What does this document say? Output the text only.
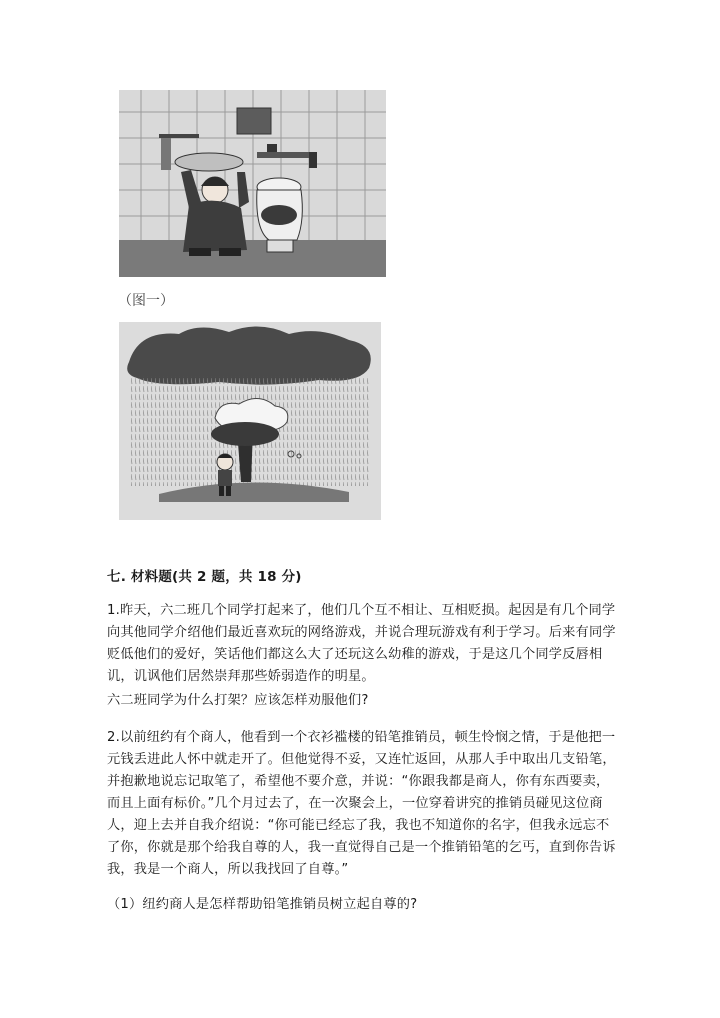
（图一）
七. 材料题(共 2 题，共 18 分)
1.昨天，六二班几个同学打起来了，他们几个互不相让、互相贬损。起因是有几个同学向其他同学介绍他们最近喜欢玩的网络游戏，并说合理玩游戏有利于学习。后来有同学贬低他们的爱好，笑话他们都这么大了还玩这么幼稚的游戏，于是这几个同学反唇相讥，讥讽他们居然崇拜那些娇弱造作的明星。
六二班同学为什么打架？应该怎样劝服他们?
2.以前纽约有个商人，他看到一个衣衫褴楼的铅笔推销员，顿生怜悯之情，于是他把一元钱丢进此人怀中就走开了。但他觉得不妥，又连忙返回，从那人手中取出几支铅笔，并抱歉地说忘记取笔了，希望他不要介意，并说：“你跟我都是商人，你有东西要卖，而且上面有标价。”几个月过去了，在一次聚会上，一位穿着讲究的推销员碰见这位商人，迎上去并自我介绍说：“你可能已经忘了我，我也不知道你的名字，但我永远忘不了你，你就是那个给我自尊的人，我一直觉得自己是一个推销铅笔的乞丐，直到你告诉我，我是一个商人，所以我找回了自尊。”
（1）纽约商人是怎样帮助铅笔推销员树立起自尊的?
